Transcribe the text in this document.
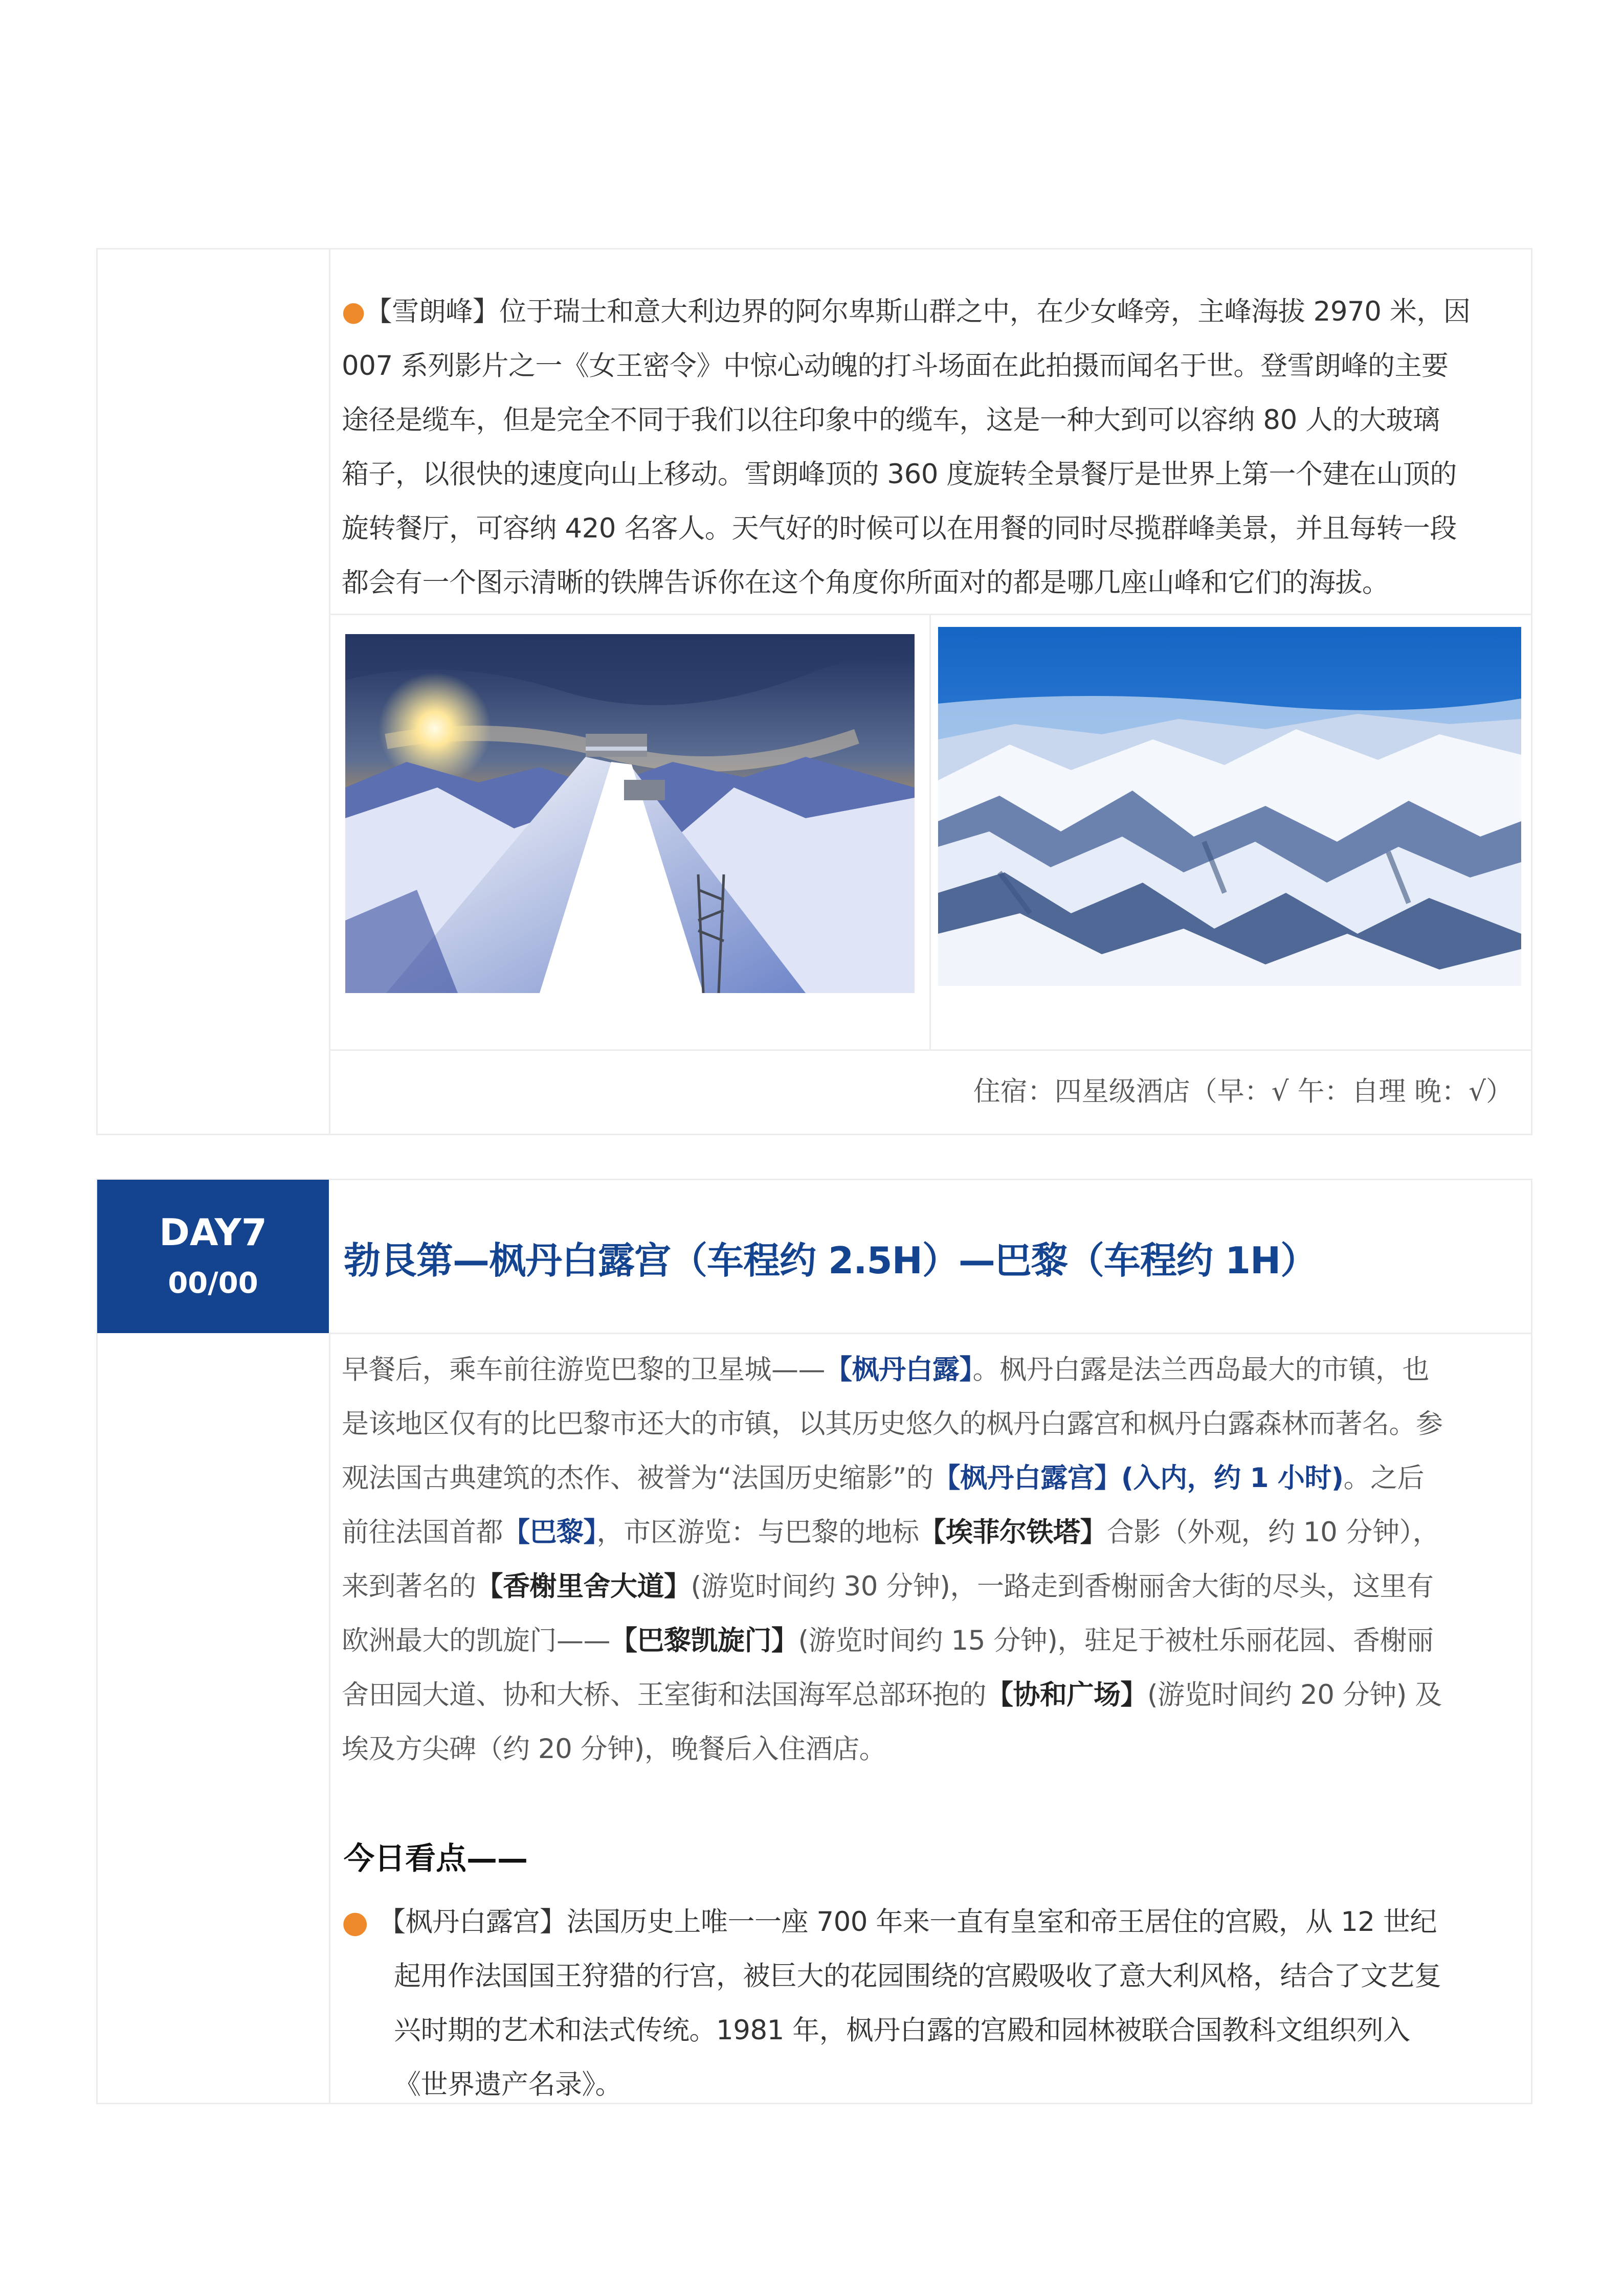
●【雪朗峰】位于瑞士和意大利边界的阿尔卑斯山群之中，在少女峰旁，主峰海拔 2970 米，因
007 系列影片之一《女王密令》中惊心动魄的打斗场面在此拍摄而闻名于世。登雪朗峰的主要
途径是缆车，但是完全不同于我们以往印象中的缆车，这是一种大到可以容纳 80 人的大玻璃
箱子，以很快的速度向山上移动。雪朗峰顶的 360 度旋转全景餐厅是世界上第一个建在山顶的
旋转餐厅，可容纳 420 名客人。天气好的时候可以在用餐的同时尽揽群峰美景，并且每转一段
都会有一个图示清晰的铁牌告诉你在这个角度你所面对的都是哪几座山峰和它们的海拔。
住宿：四星级酒店（早：√ 午：自理 晚：√）
DAY7
00/00
勃艮第—枫丹白露宫（车程约 2.5H）—巴黎（车程约 1H）
早餐后，乘车前往游览巴黎的卫星城——【枫丹白露】。枫丹白露是法兰西岛最大的市镇，也
是该地区仅有的比巴黎市还大的市镇，以其历史悠久的枫丹白露宫和枫丹白露森林而著名。参
观法国古典建筑的杰作、被誉为“法国历史缩影”的【枫丹白露宫】(入内，约 1 小时)。之后
前往法国首都【巴黎】，市区游览：与巴黎的地标【埃菲尔铁塔】合影（外观，约 10 分钟），
来到著名的【香榭里舍大道】(游览时间约 30 分钟)，一路走到香榭丽舍大街的尽头，这里有
欧洲最大的凯旋门——【巴黎凯旋门】(游览时间约 15 分钟)，驻足于被杜乐丽花园、香榭丽
舍田园大道、协和大桥、王室街和法国海军总部环抱的【协和广场】(游览时间约 20 分钟) 及
埃及方尖碑（约 20 分钟)，晚餐后入住酒店。
今日看点——
● 【枫丹白露宫】法国历史上唯一一座 700 年来一直有皇室和帝王居住的宫殿，从 12 世纪
起用作法国国王狩猎的行宫，被巨大的花园围绕的宫殿吸收了意大利风格，结合了文艺复
兴时期的艺术和法式传统。1981 年，枫丹白露的宫殿和园林被联合国教科文组织列入
《世界遗产名录》。
